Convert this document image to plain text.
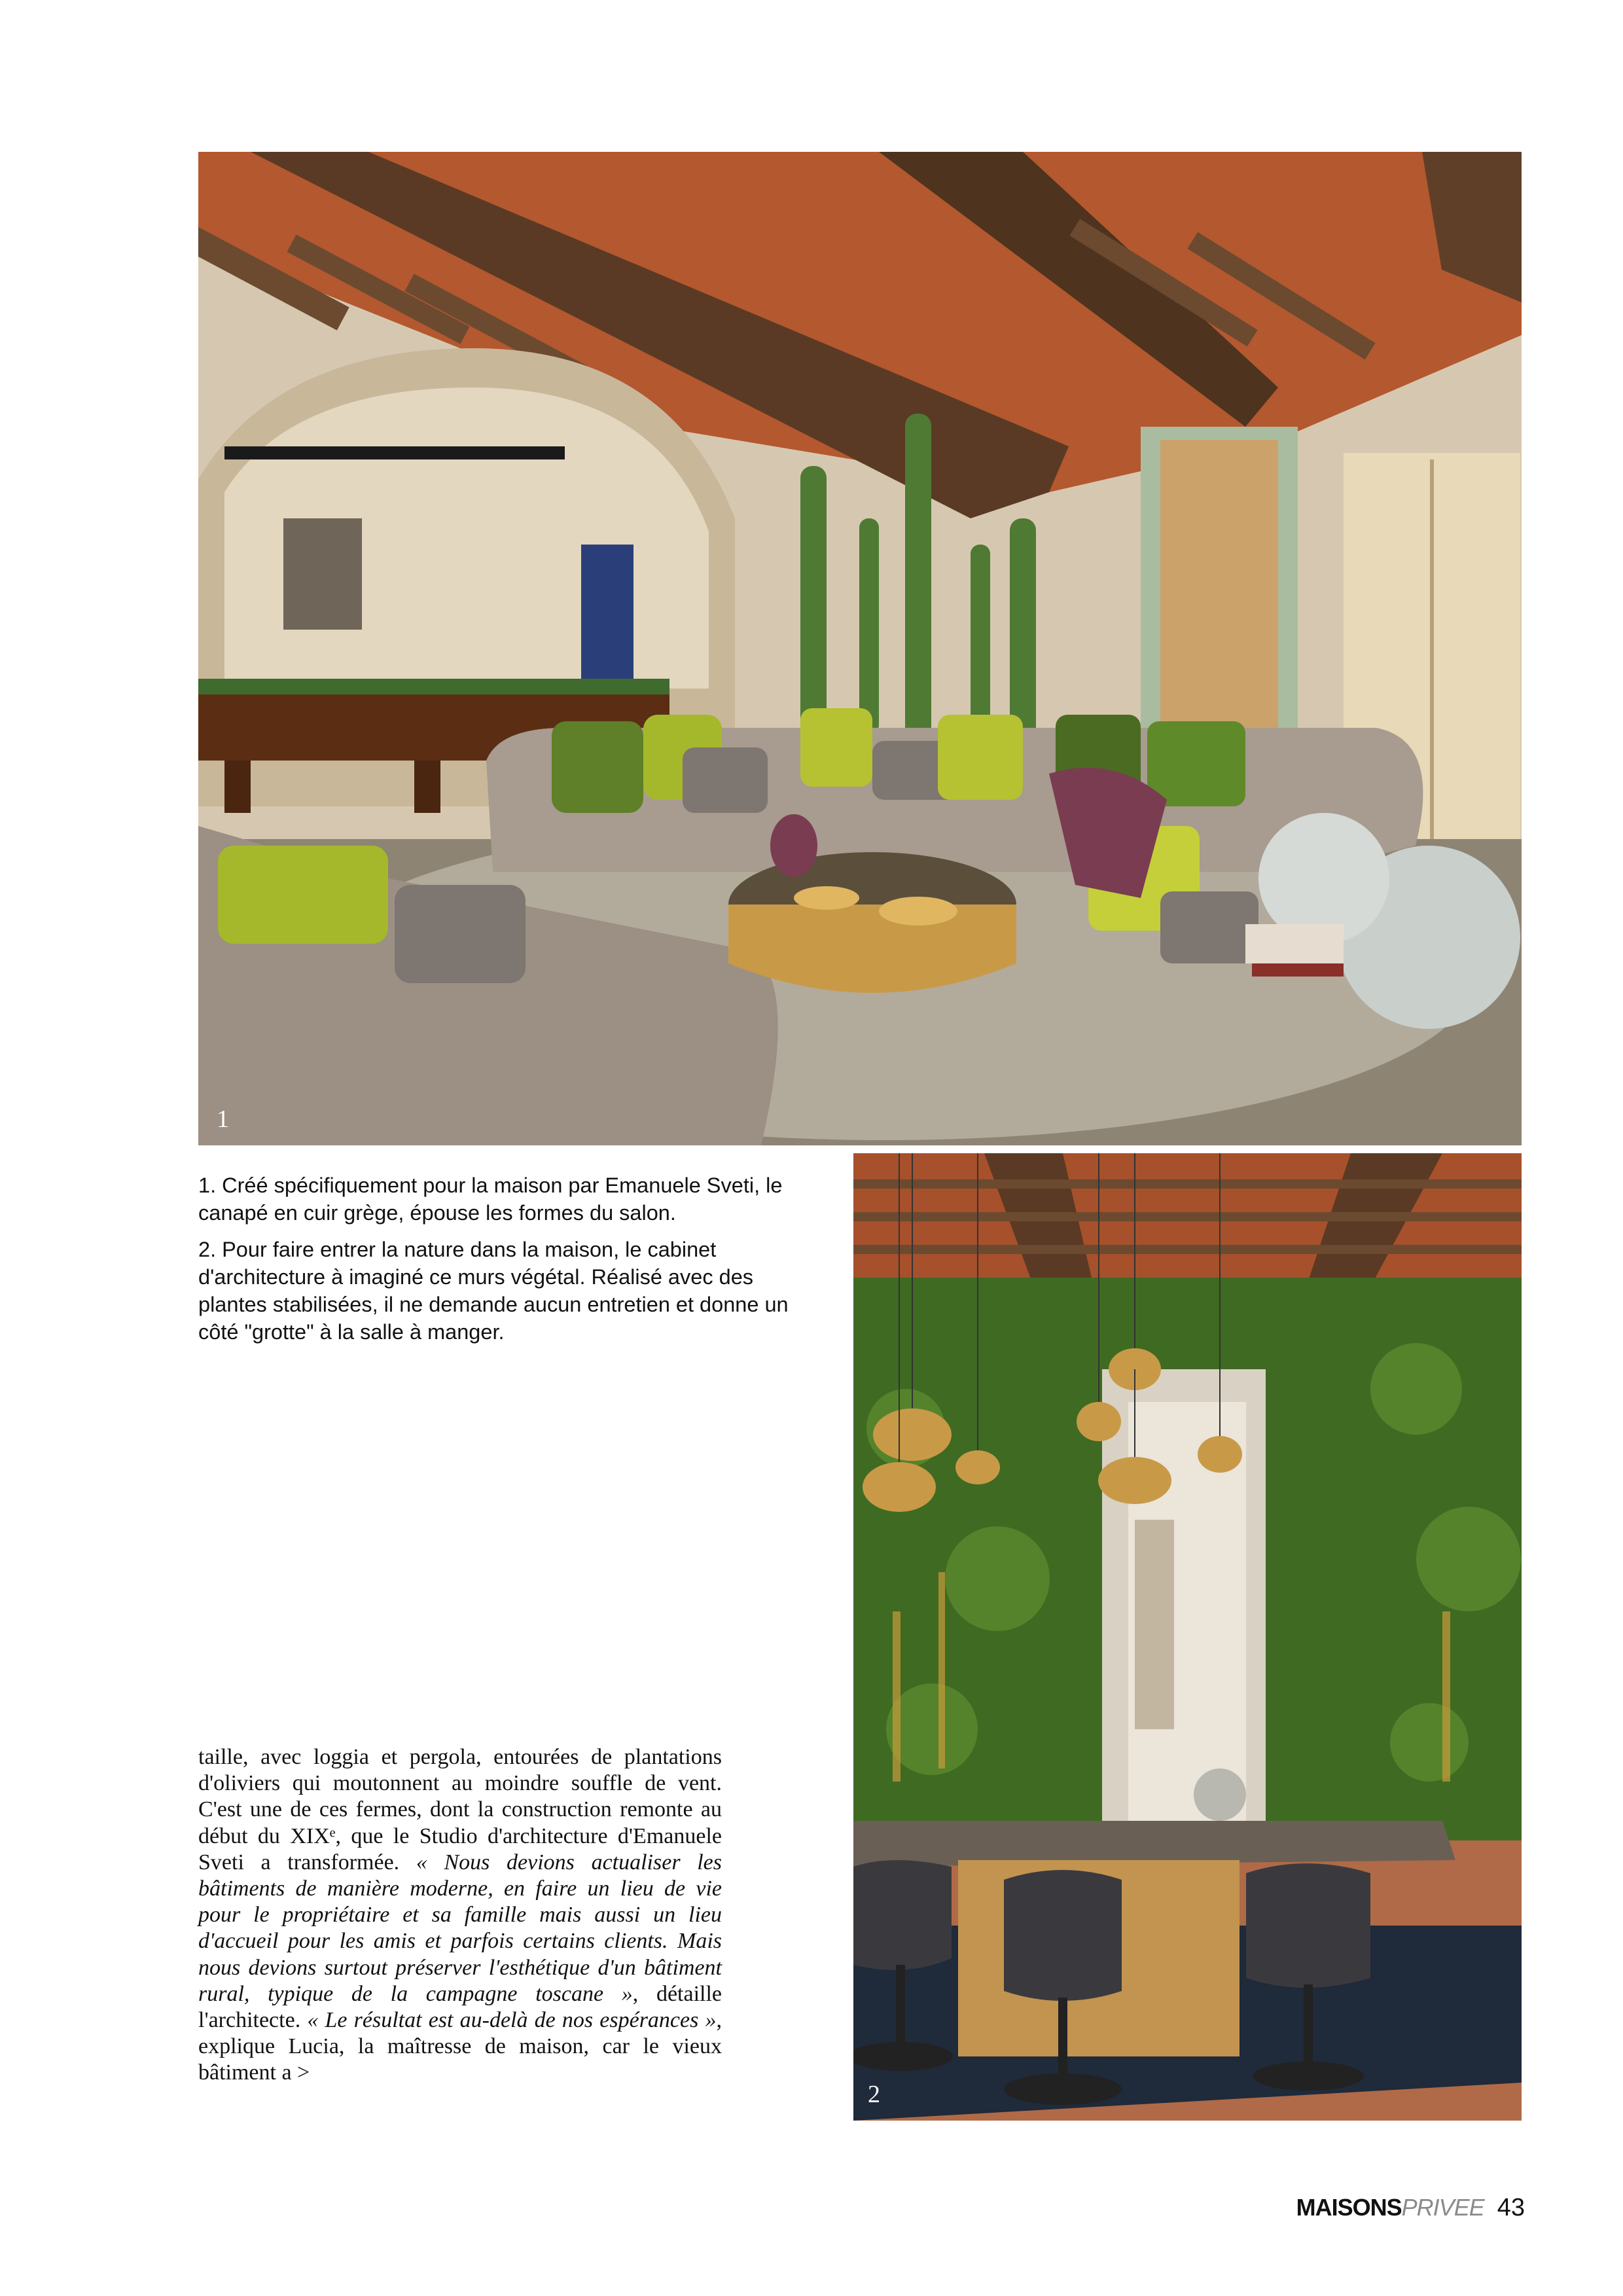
1
2

1. Créé spécifiquement pour la maison par Emanuele Sveti, le canapé en cuir grège, épouse les formes du salon.

2. Pour faire entrer la nature dans la maison, le cabinet d'architecture à imaginé ce murs végétal. Réalisé avec des plantes stabilisées, il ne demande aucun entretien et donne un côté "grotte" à la salle à manger.

taille, avec loggia et pergola, entourées de plantations d'oliviers qui moutonnent au moindre souffle de vent. C'est une de ces fermes, dont la construction remonte au début du XIXᵉ, que le Studio d'architecture d'Emanuele Sveti a transformée. « Nous devions actualiser les bâtiments de manière moderne, en faire un lieu de vie pour le propriétaire et sa famille mais aussi un lieu d'accueil pour les amis et parfois certains clients. Mais nous devions surtout préserver l'esthétique d'un bâtiment rural, typique de la campagne toscane », détaille l'architecte. « Le résultat est au-delà de nos espérances », explique Lucia, la maîtresse de maison, car le vieux bâtiment a >
MAISONSPRIVEE 43
